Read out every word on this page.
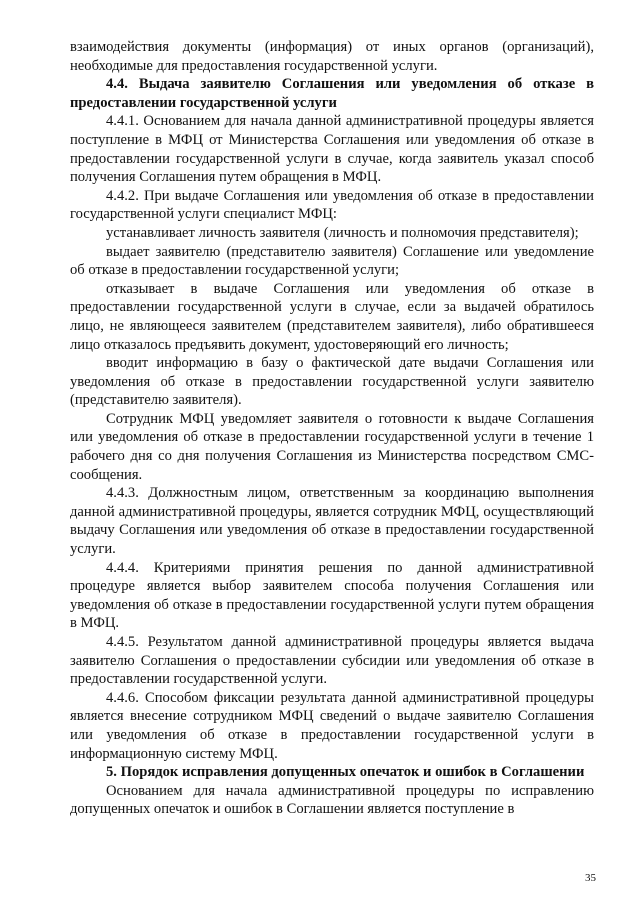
взаимодействия документы (информация) от иных органов (организаций), необходимые для предоставления государственной услуги.

4.4. Выдача заявителю Соглашения или уведомления об отказе в предоставлении государственной услуги

4.4.1. Основанием для начала данной административной процедуры является поступление в МФЦ от Министерства Соглашения или уведомления об отказе в предоставлении государственной услуги в случае, когда заявитель указал способ получения Соглашения путем обращения в МФЦ.

4.4.2. При выдаче Соглашения или уведомления об отказе в предоставлении государственной услуги специалист МФЦ:

устанавливает личность заявителя (личность и полномочия представителя);

выдает заявителю (представителю заявителя) Соглашение или уведомление об отказе в предоставлении государственной услуги;

отказывает в выдаче Соглашения или уведомления об отказе в предоставлении государственной услуги в случае, если за выдачей обратилось лицо, не являющееся заявителем (представителем заявителя), либо обратившееся лицо отказалось предъявить документ, удостоверяющий его личность;

вводит информацию в базу о фактической дате выдачи Соглашения или уведомления об отказе в предоставлении государственной услуги заявителю (представителю заявителя).

Сотрудник МФЦ уведомляет заявителя о готовности к выдаче Соглашения или уведомления об отказе в предоставлении государственной услуги в течение 1 рабочего дня со дня получения Соглашения из Министерства посредством СМС-сообщения.

4.4.3. Должностным лицом, ответственным за координацию выполнения данной административной процедуры, является сотрудник МФЦ, осуществляющий выдачу Соглашения или уведомления об отказе в предоставлении государственной услуги.

4.4.4. Критериями принятия решения по данной административной процедуре является выбор заявителем способа получения Соглашения или уведомления об отказе в предоставлении государственной услуги путем обращения в МФЦ.

4.4.5. Результатом данной административной процедуры является выдача заявителю Соглашения о предоставлении субсидии или уведомления об отказе в предоставлении государственной услуги.

4.4.6. Способом фиксации результата данной административной процедуры является внесение сотрудником МФЦ сведений о выдаче заявителю Соглашения или уведомления об отказе в предоставлении государственной услуги в информационную систему МФЦ.

5. Порядок исправления допущенных опечаток и ошибок в Соглашении

Основанием для начала административной процедуры по исправлению допущенных опечаток и ошибок в Соглашении является поступление в

35
